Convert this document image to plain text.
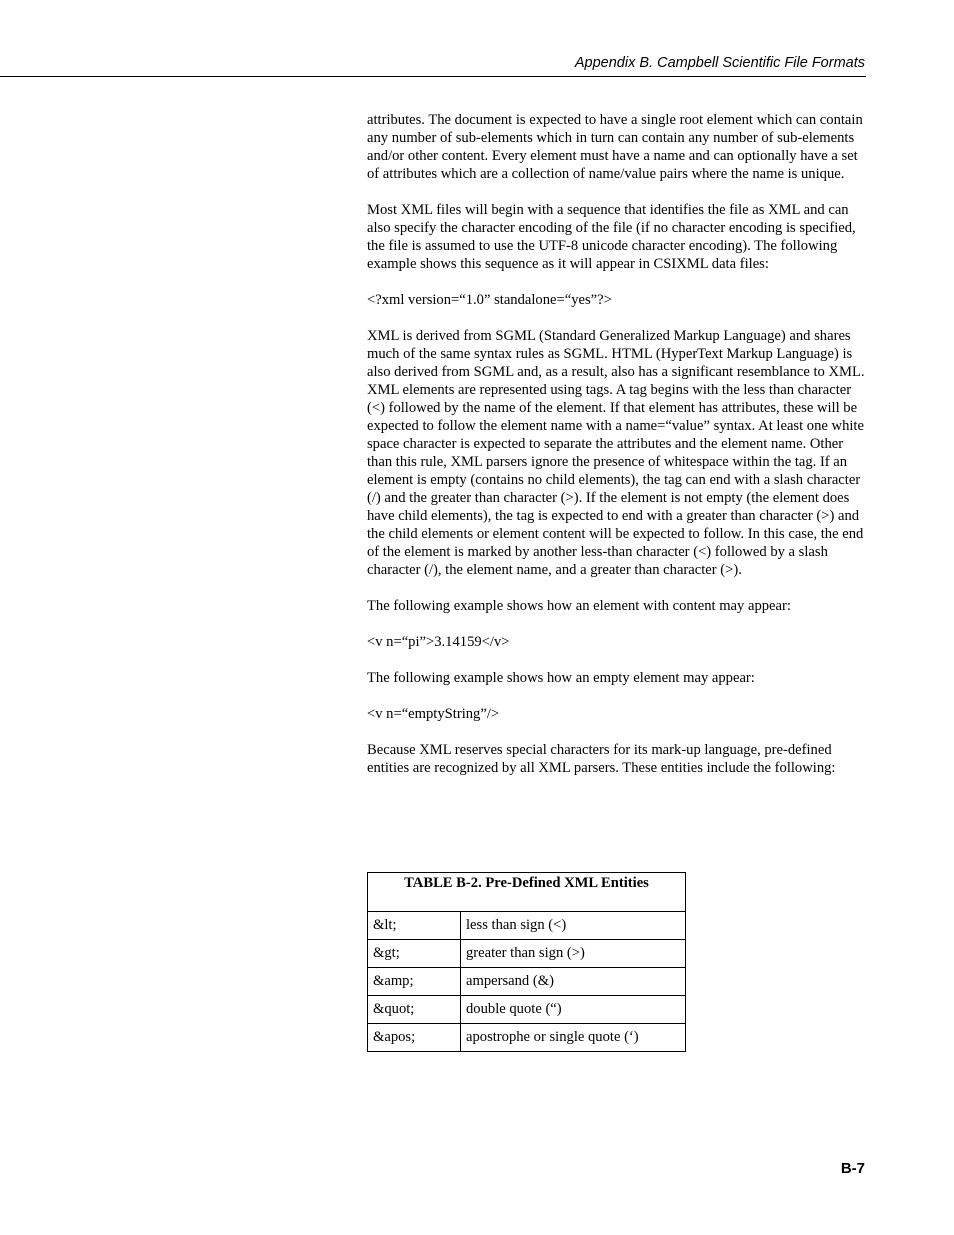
Appendix B. Campbell Scientific File Formats

attributes. The document is expected to have a single root element which can contain any number of sub-elements which in turn can contain any number of sub-elements and/or other content. Every element must have a name and can optionally have a set of attributes which are a collection of name/value pairs where the name is unique.

Most XML files will begin with a sequence that identifies the file as XML and can also specify the character encoding of the file (if no character encoding is specified, the file is assumed to use the UTF-8 unicode character encoding). The following example shows this sequence as it will appear in CSIXML data files:

<?xml version=“1.0” standalone=“yes”?>

XML is derived from SGML (Standard Generalized Markup Language) and shares much of the same syntax rules as SGML. HTML (HyperText Markup Language) is also derived from SGML and, as a result, also has a significant resemblance to XML. XML elements are represented using tags. A tag begins with the less than character (<) followed by the name of the element. If that element has attributes, these will be expected to follow the element name with a name=“value” syntax. At least one white space character is expected to separate the attributes and the element name. Other than this rule, XML parsers ignore the presence of whitespace within the tag. If an element is empty (contains no child elements), the tag can end with a slash character (/) and the greater than character (>). If the element is not empty (the element does have child elements), the tag is expected to end with a greater than character (>) and the child elements or element content will be expected to follow. In this case, the end of the element is marked by another less-than character (<) followed by a slash character (/), the element name, and a greater than character (>).

The following example shows how an element with content may appear:

<v n=“pi”>3.14159</v>

The following example shows how an empty element may appear:

<v n=“emptyString”/>

Because XML reserves special characters for its mark-up language, pre-defined entities are recognized by all XML parsers. These entities include the following:

TABLE B-2. Pre-Defined XML Entities	
&lt;	less than sign (<)
&gt;	greater than sign (>)
&amp;	ampersand (&)
&quot;	double quote (“)
&apos;	apostrophe or single quote (‘)
B-7
